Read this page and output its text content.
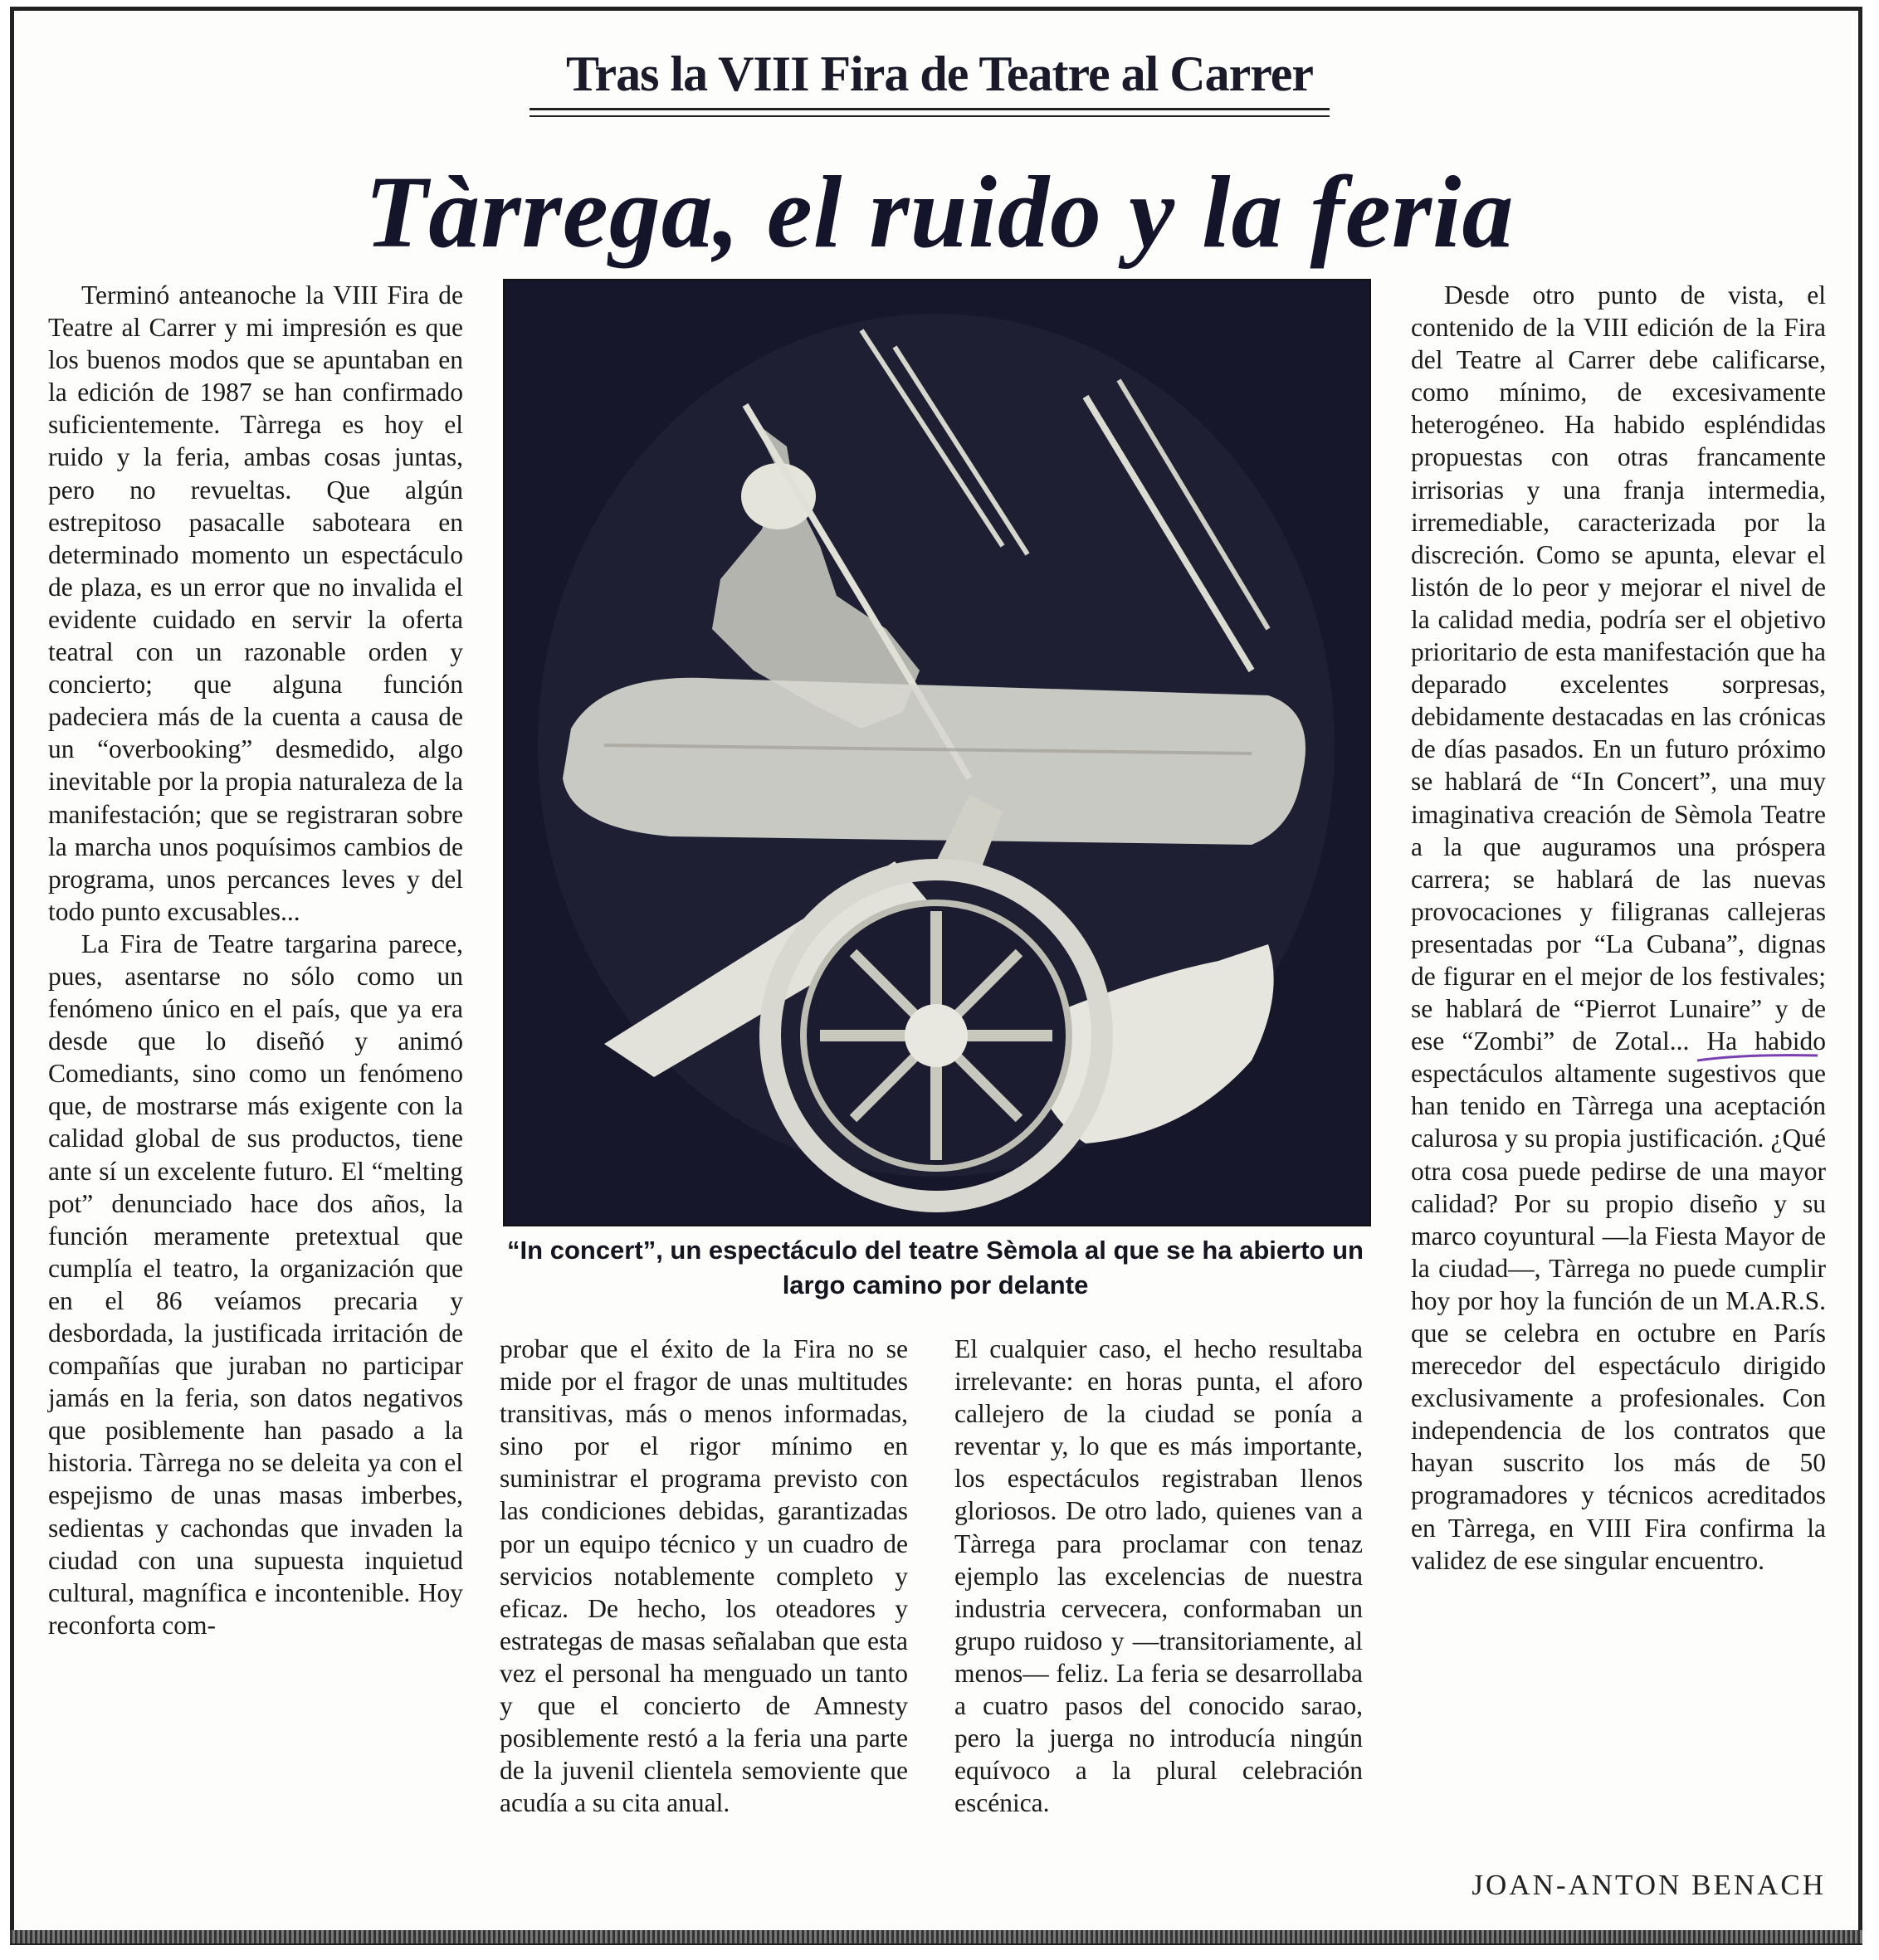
Tras la VIII Fira de Teatre al Carrer
Tàrrega, el ruido y la feria

Terminó anteanoche la VIII Fira de Teatre al Carrer y mi impresión es que los buenos modos que se apuntaban en la edición de 1987 se han confirmado suficientemente. Tàrrega es hoy el ruido y la feria, ambas cosas juntas, pero no revueltas. Que algún estrepitoso pasacalle saboteara en determinado momento un espectáculo de plaza, es un error que no invalida el evidente cuidado en servir la oferta teatral con un razonable orden y concierto; que alguna función padeciera más de la cuenta a causa de un “overbooking” desmedido, algo inevitable por la propia naturaleza de la manifestación; que se registraran sobre la marcha unos poquísimos cambios de programa, unos percances leves y del todo punto excusables...

La Fira de Teatre targarina parece, pues, asentarse no sólo como un fenómeno único en el país, que ya era desde que lo diseñó y animó Comediants, sino como un fenómeno que, de mostrarse más exigente con la calidad global de sus productos, tiene ante sí un excelente futuro. El “melting pot” denunciado hace dos años, la función meramente pretextual que cumplía el teatro, la organización que en el 86 veíamos precaria y desbordada, la justificada irritación de compañías que juraban no participar jamás en la feria, son datos negativos que posiblemente han pasado a la historia. Tàrrega no se deleita ya con el espejismo de unas masas imberbes, sedientas y cachondas que invaden la ciudad con una supuesta inquietud cultural, magnífica e incontenible. Hoy reconforta com-

“In concert”, un espectáculo del teatre Sèmola al que se ha abierto un largo camino por delante

probar que el éxito de la Fira no se mide por el fragor de unas multitudes transitivas, más o menos informadas, sino por el rigor mínimo en suministrar el programa previsto con las condiciones debidas, garantizadas por un equipo técnico y un cuadro de servicios notablemente completo y eficaz. De hecho, los oteadores y estrategas de masas señalaban que esta vez el personal ha menguado un tanto y que el concierto de Amnesty posiblemente restó a la feria una parte de la juvenil clientela semoviente que acudía a su cita anual.

El cualquier caso, el hecho resultaba irrelevante: en horas punta, el aforo callejero de la ciudad se ponía a reventar y, lo que es más importante, los espectáculos registraban llenos gloriosos. De otro lado, quienes van a Tàrrega para proclamar con tenaz ejemplo las excelencias de nuestra industria cervecera, conformaban un grupo ruidoso y —transitoriamente, al menos— feliz. La feria se desarrollaba a cuatro pasos del conocido sarao, pero la juerga no introducía ningún equívoco a la plural celebración escénica.

Desde otro punto de vista, el contenido de la VIII edición de la Fira del Teatre al Carrer debe calificarse, como mínimo, de excesivamente heterogéneo. Ha habido espléndidas propuestas con otras francamente irrisorias y una franja intermedia, irremediable, caracterizada por la discreción. Como se apunta, elevar el listón de lo peor y mejorar el nivel de la calidad media, podría ser el objetivo prioritario de esta manifestación que ha deparado excelentes sorpresas, debidamente destacadas en las crónicas de días pasados. En un futuro próximo se hablará de “In Concert”, una muy imaginativa creación de Sèmola Teatre a la que auguramos una próspera carrera; se hablará de las nuevas provocaciones y filigranas callejeras presentadas por “La Cubana”, dignas de figurar en el mejor de los festivales; se hablará de “Pierrot Lunaire” y de ese “Zombi” de Zotal... Ha habido espectáculos altamente sugestivos que han tenido en Tàrrega una aceptación calurosa y su propia justificación. ¿Qué otra cosa puede pedirse de una mayor calidad? Por su propio diseño y su marco coyuntural —la Fiesta Mayor de la ciudad—, Tàrrega no puede cumplir hoy por hoy la función de un M.A.R.S. que se celebra en octubre en París merecedor del espectáculo dirigido exclusivamente a profesionales. Con independencia de los contratos que hayan suscrito los más de 50 programadores y técnicos acreditados en Tàrrega, en VIII Fira confirma la validez de ese singular encuentro.

JOAN-ANTON BENACH
